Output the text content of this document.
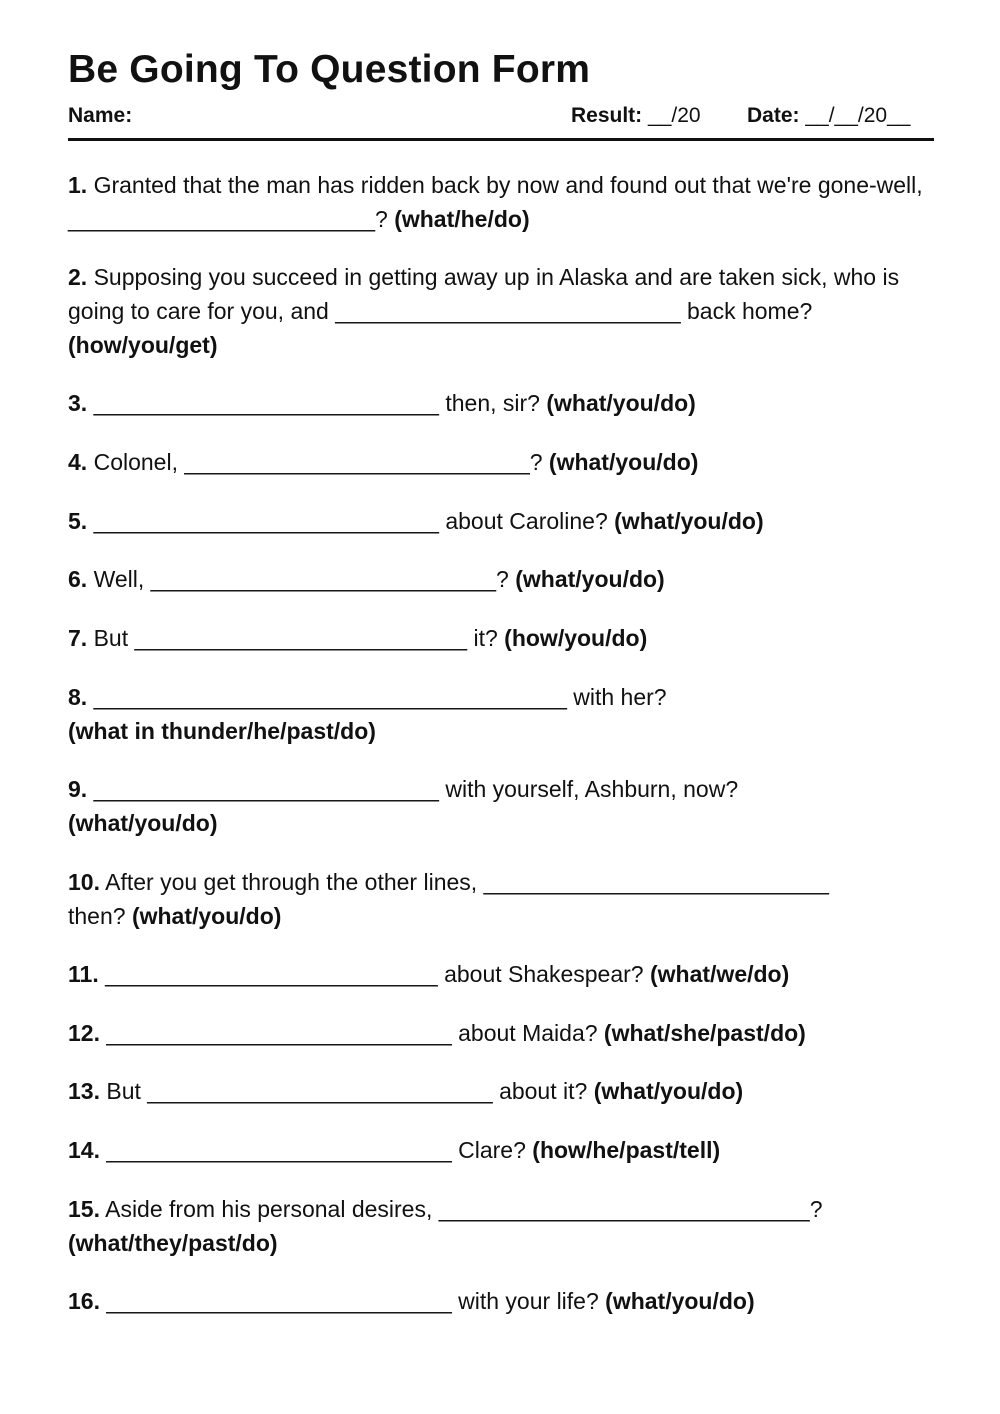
Be Going To Question Form
Name:	Result: __/20 Date: __/__/20__

1. Granted that the man has ridden back by now and found out that we're gone-well, ________________________? (what/he/do)

2. Supposing you succeed in getting away up in Alaska and are taken sick, who is going to care for you, and ___________________________ back home? (how/you/get)

3. ___________________________ then, sir? (what/you/do)

4. Colonel, ___________________________? (what/you/do)

5. ___________________________ about Caroline? (what/you/do)

6. Well, ___________________________? (what/you/do)

7. But __________________________ it? (how/you/do)

8. _____________________________________ with her?
(what in thunder/he/past/do)

9. ___________________________ with yourself, Ashburn, now?
(what/you/do)

10. After you get through the other lines, ___________________________
then? (what/you/do)

11. __________________________ about Shakespear? (what/we/do)

12. ___________________________ about Maida? (what/she/past/do)

13. But ___________________________ about it? (what/you/do)

14. ___________________________ Clare? (how/he/past/tell)

15. Aside from his personal desires, _____________________________?
(what/they/past/do)

16. ___________________________ with your life? (what/you/do)
